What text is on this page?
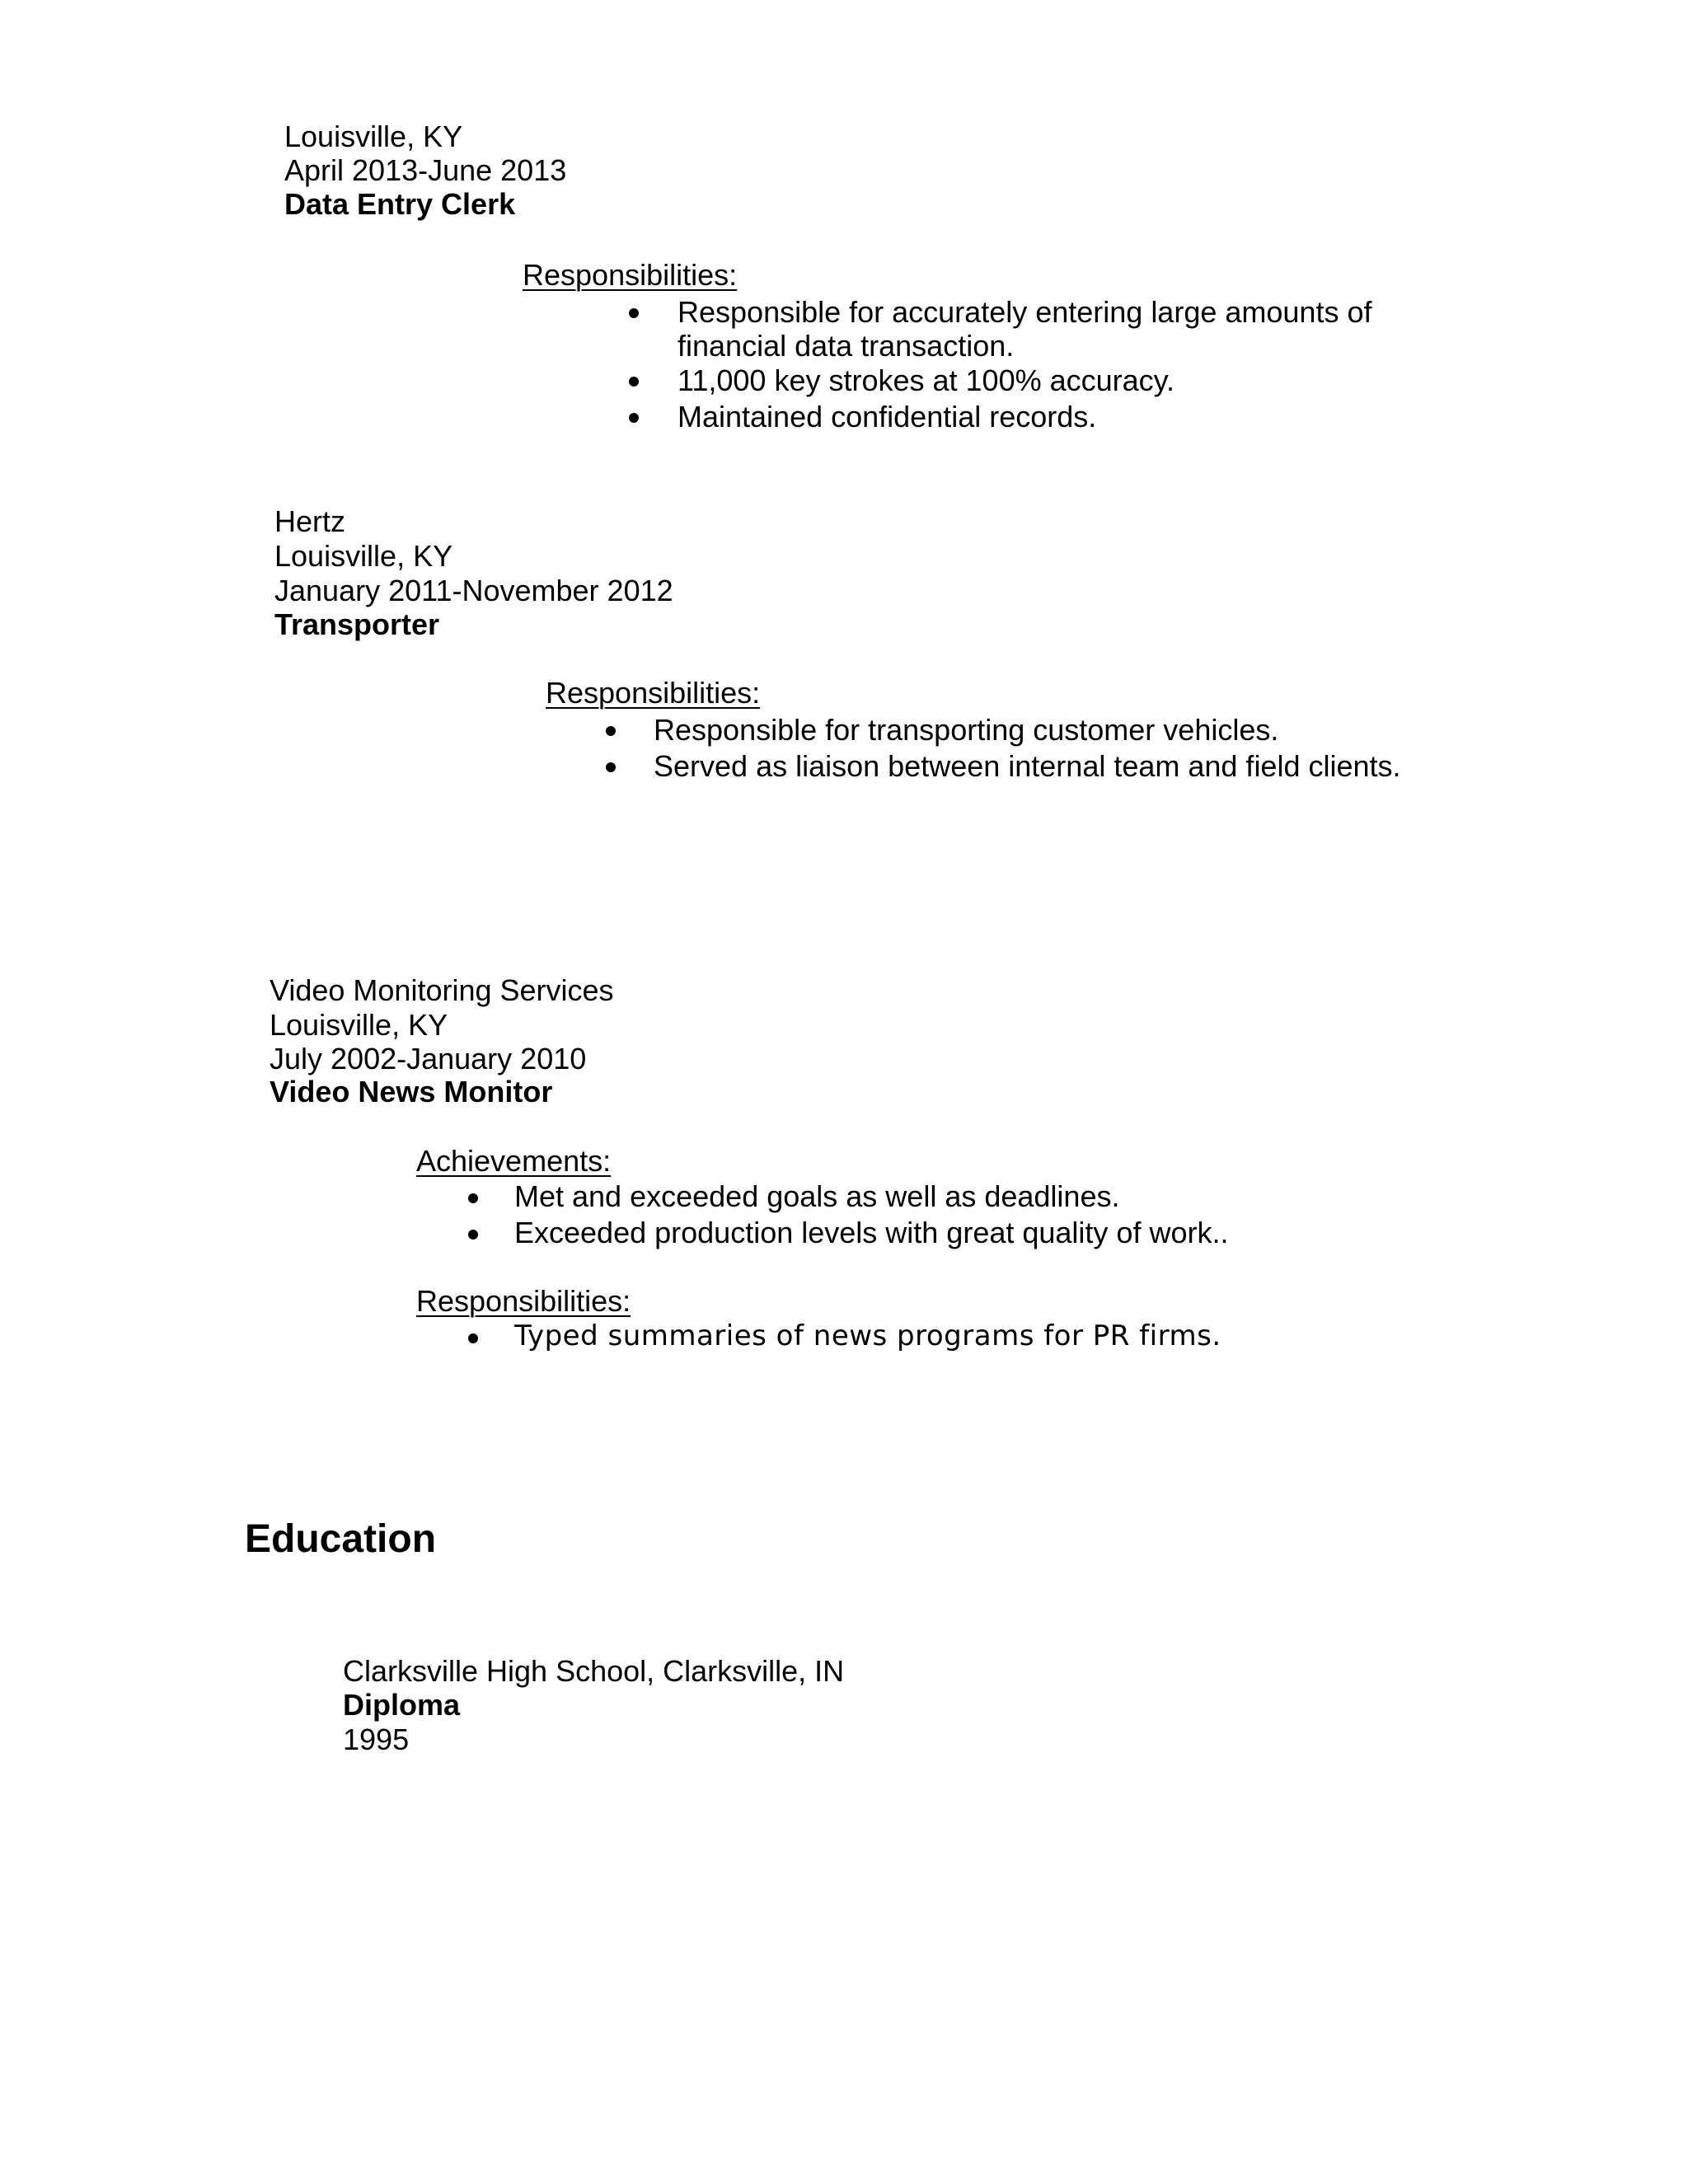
Louisville, KY
April 2013-June 2013
Data Entry Clerk
Responsibilities:
Responsible for accurately entering large amounts of
financial data transaction.
11,000 key strokes at 100% accuracy.
Maintained confidential records.
Hertz
Louisville, KY
January 2011-November 2012
Transporter
Responsibilities:
Responsible for transporting customer vehicles.
Served as liaison between internal team and field clients.
Video Monitoring Services
Louisville, KY
July 2002-January 2010
Video News Monitor
Achievements:
Met and exceeded goals as well as deadlines.
Exceeded production levels with great quality of work..
Responsibilities:
Typed summaries of news programs for PR firms.
Education
Clarksville High School, Clarksville, IN
Diploma
1995
